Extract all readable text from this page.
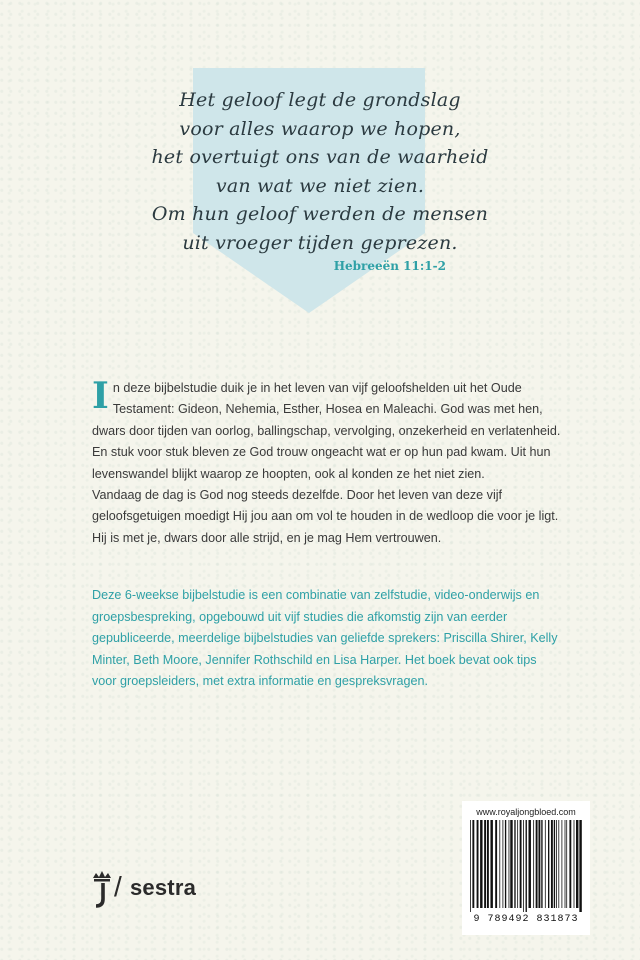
Het geloof legt de grondslag
voor alles waarop we hopen,
het overtuigt ons van de waarheid
van wat we niet zien.
Om hun geloof werden de mensen
uit vroeger tijden geprezen.
Hebreeën 11:1-2
I n deze bijbelstudie duik je in het leven van vijf geloofshelden uit het Oude Testament: Gideon, Nehemia, Esther, Hosea en Maleachi. God was met hen, dwars door tijden van oorlog, ballingschap, vervolging, onzekerheid en verlatenheid. En stuk voor stuk bleven ze God trouw ongeacht wat er op hun pad kwam. Uit hun levenswandel blijkt waarop ze hoopten, ook al konden ze het niet zien.

Vandaag de dag is God nog steeds dezelfde. Door het leven van deze vijf geloofsgetuigen moedigt Hij jou aan om vol te houden in de wedloop die voor je ligt. Hij is met je, dwars door alle strijd, en je mag Hem vertrouwen.

Deze 6-weekse bijbelstudie is een combinatie van zelfstudie, video-onderwijs en groepsbespreking, opgebouwd uit vijf studies die afkomstig zijn van eerder gepubliceerde, meerdelige bijbelstudies van geliefde sprekers: Priscilla Shirer, Kelly Minter, Beth Moore, Jennifer Rothschild en Lisa Harper. Het boek bevat ook tips voor groepsleiders, met extra informatie en gespreksvragen.

/ sestra
www.royaljongbloed.com
9 789492 831873
